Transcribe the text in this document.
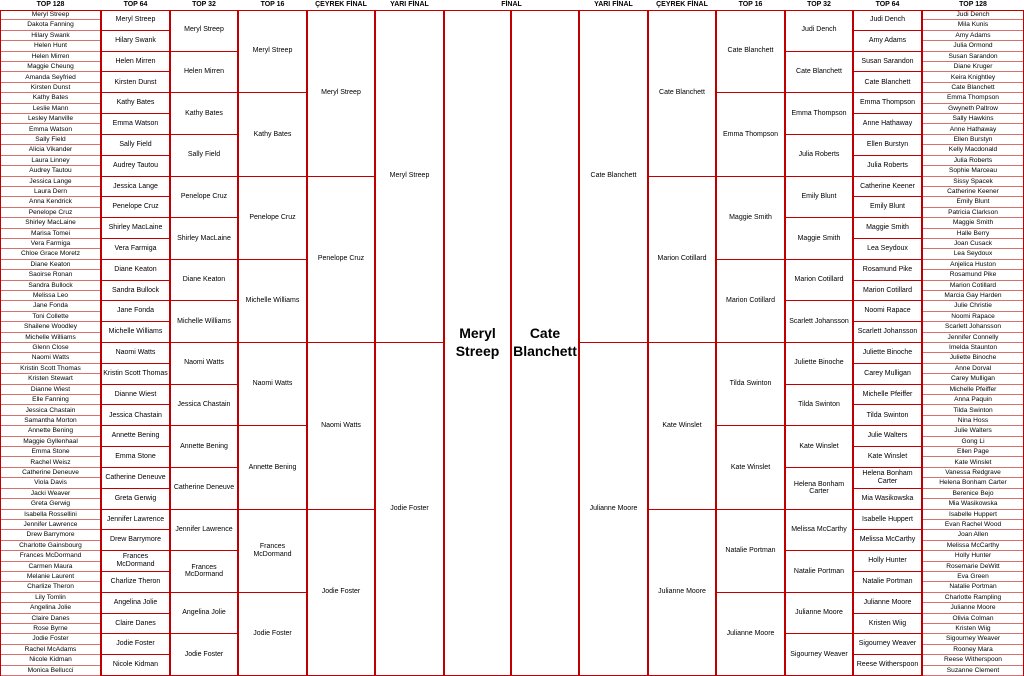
Meryl
Streep
Cate
Blanchett
FİNAL
TOP 128
Meryl Streep
Dakota Fanning
Hilary Swank
Helen Hunt
Helen Mirren
Maggie Cheung
Amanda Seyfried
Kirsten Dunst
Kathy Bates
Leslie Mann
Lesley Manville
Emma Watson
Sally Field
Alicia Vikander
Laura Linney
Audrey Tautou
Jessica Lange
Laura Dern
Anna Kendrick
Penelope Cruz
Shirley MacLaine
Marisa Tomei
Vera Farmiga
Chloe Grace Moretz
Diane Keaton
Saoirse Ronan
Sandra Bullock
Melissa Leo
Jane Fonda
Toni Collette
Shailene Woodley
Michelle Williams
Glenn Close
Naomi Watts
Kristin Scott Thomas
Kristen Stewart
Dianne Wiest
Elle Fanning
Jessica Chastain
Samantha Morton
Annette Bening
Maggie Gyllenhaal
Emma Stone
Rachel Weisz
Catherine Deneuve
Viola Davis
Jacki Weaver
Greta Gerwig
Isabella Rossellini
Jennifer Lawrence
Drew Barrymore
Charlotte Gainsbourg
Frances McDormand
Carmen Maura
Melanie Laurent
Charlize Theron
Lily Tomlin
Angelina Jolie
Claire Danes
Rose Byrne
Jodie Foster
Rachel McAdams
Nicole Kidman
Monica Bellucci
TOP 64
Meryl Streep
Hilary Swank
Helen Mirren
Kirsten Dunst
Kathy Bates
Emma Watson
Sally Field
Audrey Tautou
Jessica Lange
Penelope Cruz
Shirley MacLaine
Vera Farmiga
Diane Keaton
Sandra Bullock
Jane Fonda
Michelle Williams
Naomi Watts
Kristin Scott Thomas
Dianne Wiest
Jessica Chastain
Annette Bening
Emma Stone
Catherine Deneuve
Greta Gerwig
Jennifer Lawrence
Drew Barrymore
Frances McDormand
Charlize Theron
Angelina Jolie
Claire Danes
Jodie Foster
Nicole Kidman
TOP 32
Meryl Streep
Helen Mirren
Kathy Bates
Sally Field
Penelope Cruz
Shirley MacLaine
Diane Keaton
Michelle Williams
Naomi Watts
Jessica Chastain
Annette Bening
Catherine Deneuve
Jennifer Lawrence
Frances McDormand
Angelina Jolie
Jodie Foster
TOP 16
Meryl Streep
Kathy Bates
Penelope Cruz
Michelle Williams
Naomi Watts
Annette Bening
Frances McDormand
Jodie Foster
ÇEYREK FİNAL
Meryl Streep
Penelope Cruz
Naomi Watts
Jodie Foster
YARI FİNAL
Meryl Streep
Jodie Foster
YARI FİNAL
Cate Blanchett
Julianne Moore
ÇEYREK FİNAL
Cate Blanchett
Marion Cotillard
Kate Winslet
Julianne Moore
TOP 16
Cate Blanchett
Emma Thompson
Maggie Smith
Marion Cotillard
Tilda Swinton
Kate Winslet
Natalie Portman
Julianne Moore
TOP 32
Judi Dench
Cate Blanchett
Emma Thompson
Julia Roberts
Emily Blunt
Maggie Smith
Marion Cotillard
Scarlett Johansson
Juliette Binoche
Tilda Swinton
Kate Winslet
Helena Bonham Carter
Melissa McCarthy
Natalie Portman
Julianne Moore
Sigourney Weaver
TOP 64
Judi Dench
Amy Adams
Susan Sarandon
Cate Blanchett
Emma Thompson
Anne Hathaway
Ellen Burstyn
Julia Roberts
Catherine Keener
Emily Blunt
Maggie Smith
Lea Seydoux
Rosamund Pike
Marion Cotillard
Noomi Rapace
Scarlett Johansson
Juliette Binoche
Carey Mulligan
Michelle Pfeiffer
Tilda Swinton
Julie Walters
Kate Winslet
Helena Bonham Carter
Mia Wasikowska
Isabelle Huppert
Melissa McCarthy
Holly Hunter
Natalie Portman
Julianne Moore
Kristen Wiig
Sigourney Weaver
Reese Witherspoon
TOP 128
Judi Dench
Mila Kunis
Amy Adams
Julia Ormond
Susan Sarandon
Diane Kruger
Keira Knightley
Cate Blanchett
Emma Thompson
Gwyneth Paltrow
Sally Hawkins
Anne Hathaway
Ellen Burstyn
Kelly Macdonald
Julia Roberts
Sophie Marceau
Sissy Spacek
Catherine Keener
Emily Blunt
Patricia Clarkson
Maggie Smith
Halle Berry
Joan Cusack
Lea Seydoux
Anjelica Huston
Rosamund Pike
Marion Cotillard
Marcia Gay Harden
Julie Christie
Noomi Rapace
Scarlett Johansson
Jennifer Connelly
Imelda Staunton
Juliette Binoche
Anne Dorval
Carey Mulligan
Michelle Pfeiffer
Anna Paquin
Tilda Swinton
Nina Hoss
Julie Walters
Gong Li
Ellen Page
Kate Winslet
Vanessa Redgrave
Helena Bonham Carter
Berenice Bejo
Mia Wasikowska
Isabelle Huppert
Evan Rachel Wood
Joan Allen
Melissa McCarthy
Holly Hunter
Rosemarie DeWitt
Eva Green
Natalie Portman
Charlotte Rampling
Julianne Moore
Olivia Colman
Kristen Wiig
Sigourney Weaver
Rooney Mara
Reese Witherspoon
Suzanne Clement
